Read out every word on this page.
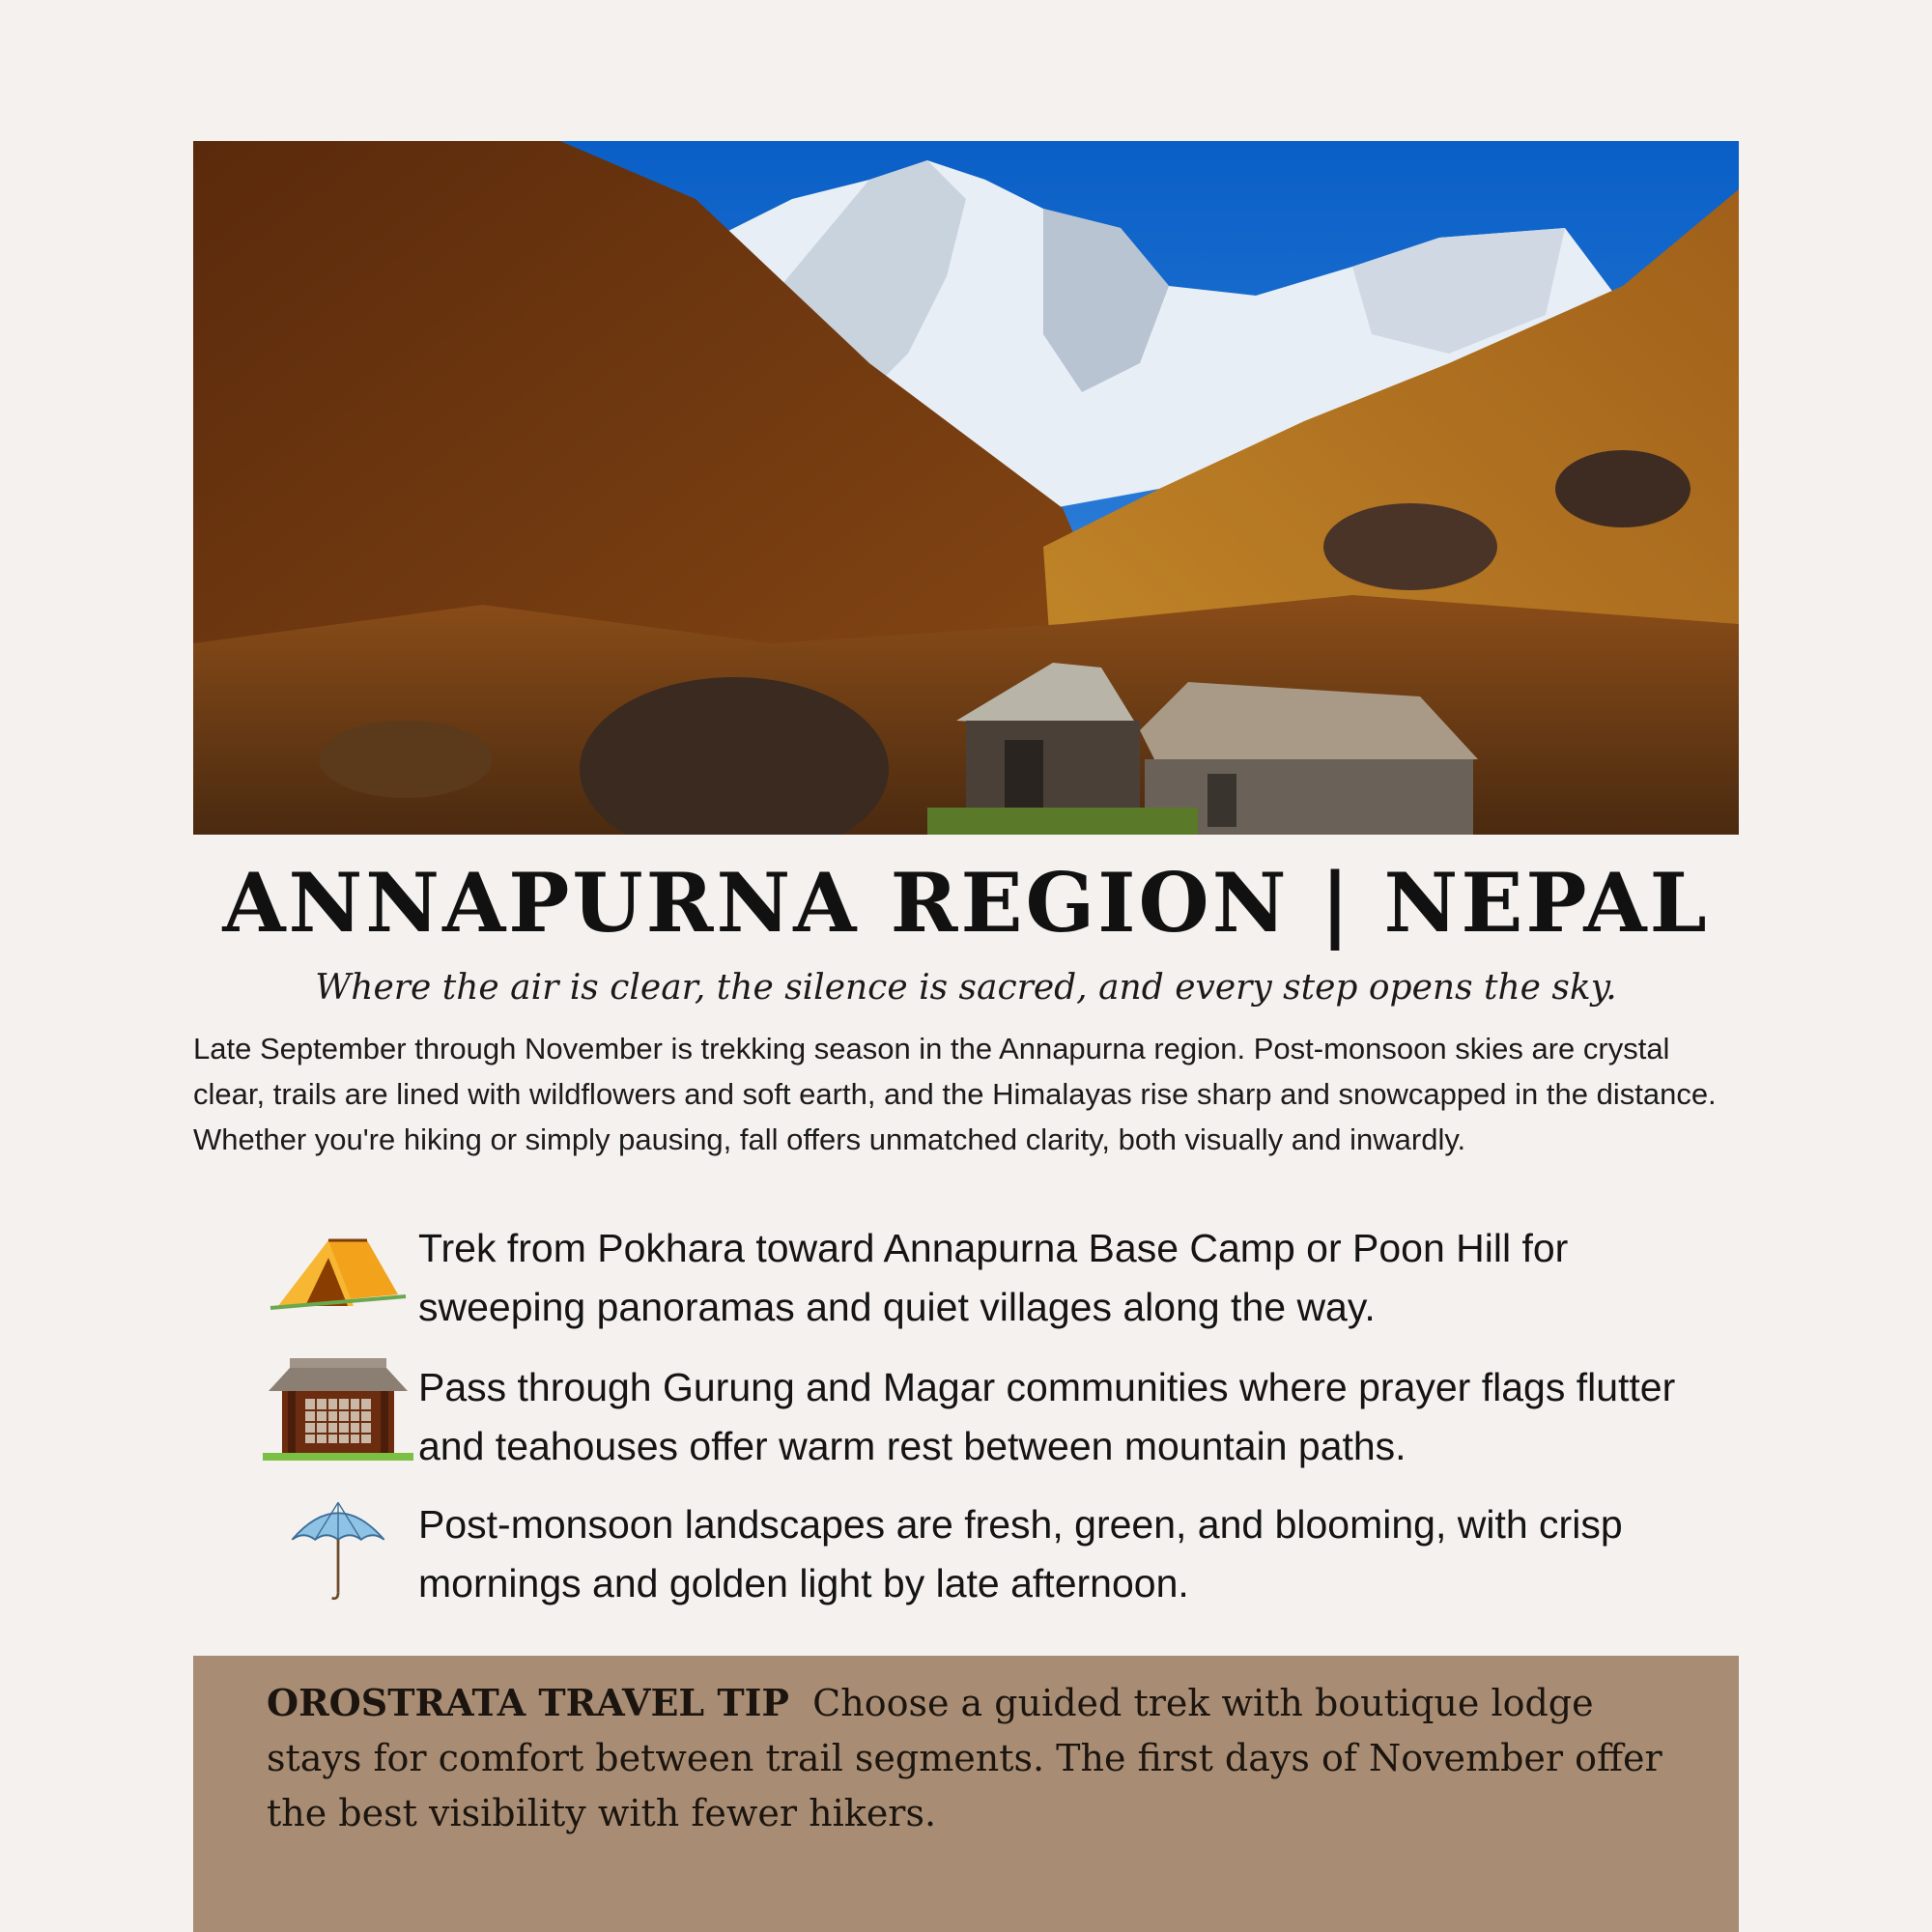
ANNAPURNA REGION | NEPAL
Where the air is clear, the silence is sacred, and every step opens the sky.
Late September through November is trekking season in the Annapurna region. Post-monsoon skies are crystal clear, trails are lined with wildflowers and soft earth, and the Himalayas rise sharp and snowcapped in the distance. Whether you're hiking or simply pausing, fall offers unmatched clarity, both visually and inwardly.
Trek from Pokhara toward Annapurna Base Camp or Poon Hill for sweeping panoramas and quiet villages along the way.
Pass through Gurung and Magar communities where prayer flags flutter and teahouses offer warm rest between mountain paths.
Post-monsoon landscapes are fresh, green, and blooming, with crisp mornings and golden light by late afternoon.
OROSTRATA TRAVEL TIP Choose a guided trek with boutique lodge stays for comfort between trail segments. The first days of November offer the best visibility with fewer hikers.
